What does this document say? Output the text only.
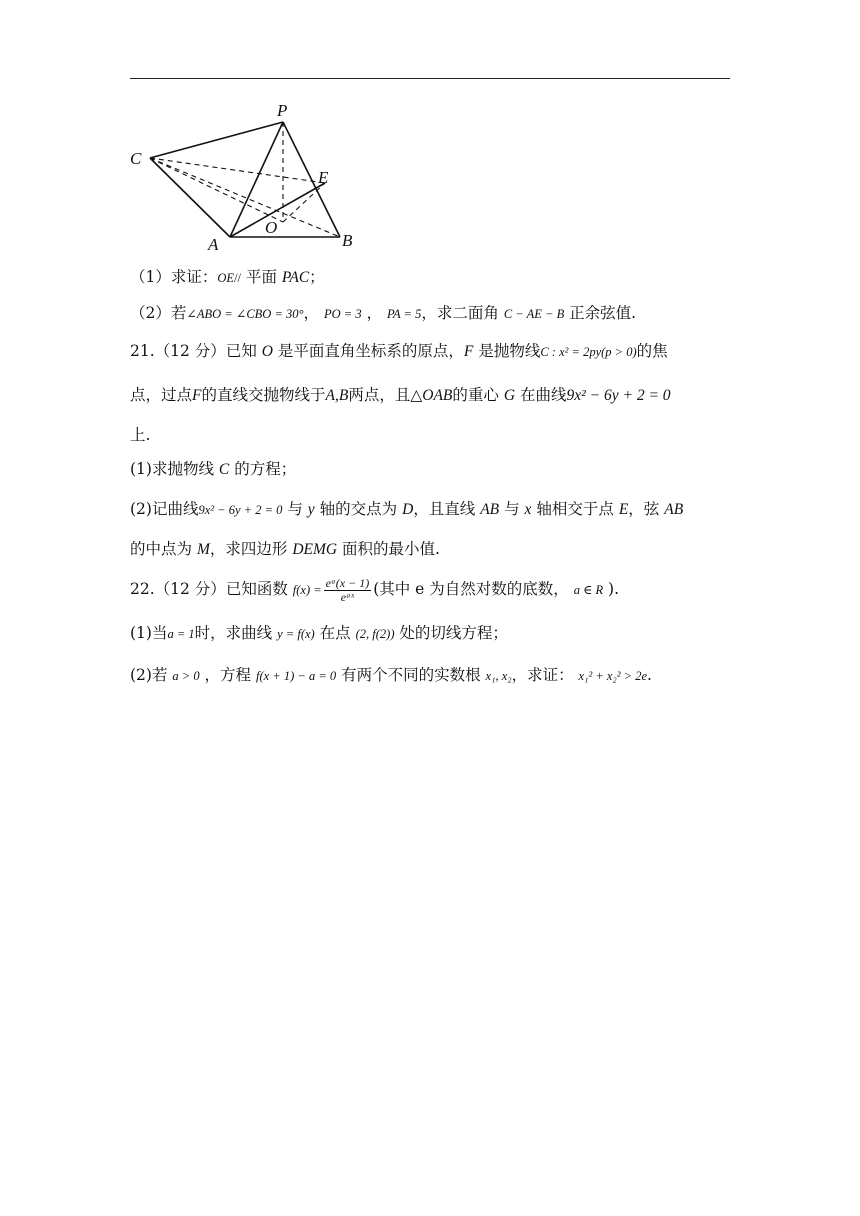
P
C
E
O
A	B
（1）求证：OE// 平面 PAC；
（2）若∠ABO = ∠CBO = 30°， PO = 3 ， PA = 5，求二面角 C − AE − B 正余弦值.
21.（12 分）已知 O 是平面直角坐标系的原点，F 是抛物线C : x² = 2py(p > 0)的焦
点，过点F的直线交抛物线于A,B两点，且△OAB的重心 G 在曲线9x² − 6y + 2 = 0
上.
(1)求抛物线 C 的方程；
(2)记曲线9x² − 6y + 2 = 0 与 y 轴的交点为 D，且直线 AB 与 x 轴相交于点 E，弦 AB
的中点为 M，求四边形 DEMG 面积的最小值.
22.（12 分）已知函数 $f(x) = \frac{\text{eᵃ(x − 1)}}{\text{eᵃˣ}}$ (其中 e 为自然对数的底数， a ∈ R ).
(1)当a = 1时，求曲线 y = f(x) 在点 (2, f(2)) 处的切线方程；
(2)若 a > 0 ，方程 f(x + 1) − a = 0 有两个不同的实数根 x₁, x₂，求证： x₁² + x₂² > 2e.
